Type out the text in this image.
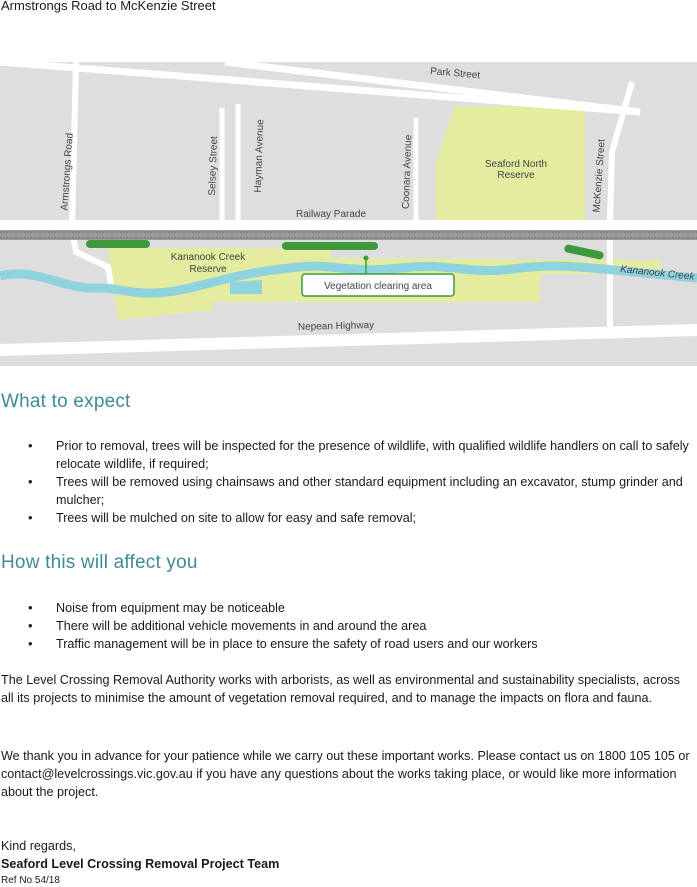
Armstrongs Road to McKenzie Street
Vegetation clearing area
Park Street
Armstrongs Road	Selsey Street	Hayman Avenue	Coonara Avenue	McKenzie Street
Railway Parade
Nepean Highway
Seaford North
Reserve
Kananook Creek
Reserve	Kananook Creek
What to expect
• Prior to removal, trees will be inspected for the presence of wildlife, with qualified wildlife handlers on call to safely relocate wildlife, if required;
• Trees will be removed using chainsaws and other standard equipment including an excavator, stump grinder and mulcher;
• Trees will be mulched on site to allow for easy and safe removal;
How this will affect you
• Noise from equipment may be noticeable
• There will be additional vehicle movements in and around the area
• Traffic management will be in place to ensure the safety of road users and our workers
The Level Crossing Removal Authority works with arborists, as well as environmental and sustainability specialists, across all its projects to minimise the amount of vegetation removal required, and to manage the impacts on flora and fauna.
We thank you in advance for your patience while we carry out these important works. Please contact us on 1800 105 105 or contact@levelcrossings.vic.gov.au if you have any questions about the works taking place, or would like more information about the project.
Kind regards,
Seaford Level Crossing Removal Project Team
Ref No 54/18
